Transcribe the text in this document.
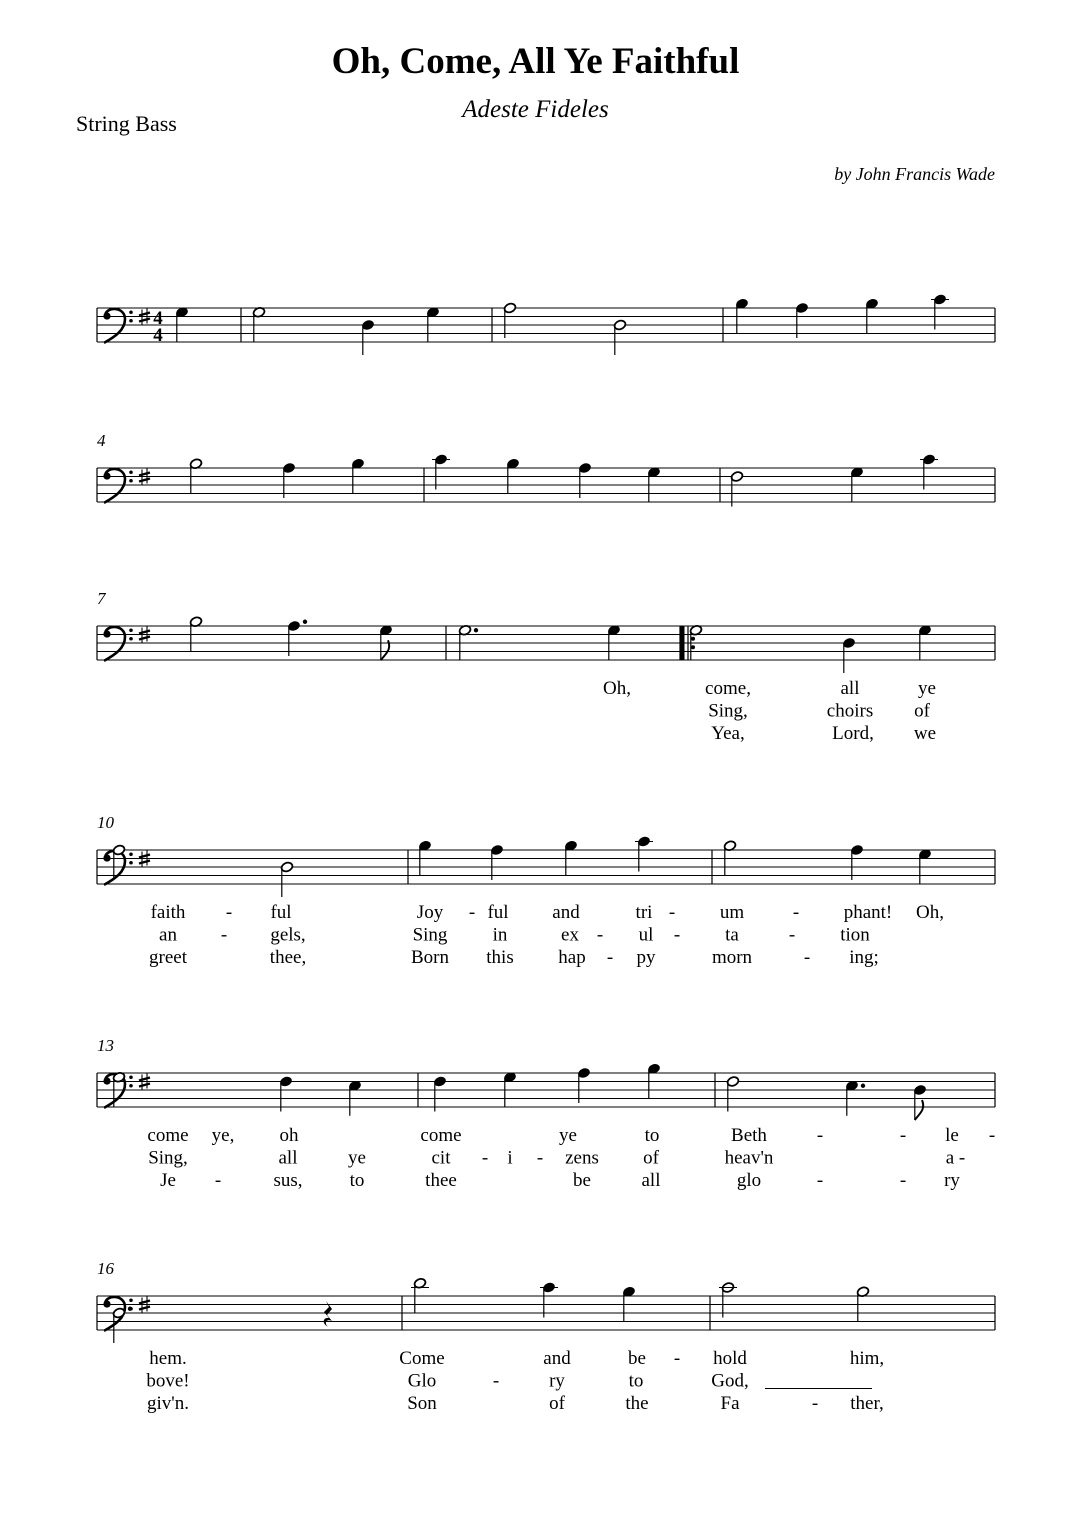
Oh, Come, All Ye Faithful
Adeste Fideles
String Bass
by John Francis Wade
4
4
4
7
Oh,	come,	all	ye
Sing,	choirs of
Yea,	Lord, we
10
faith - ful
an - gels,
greet	thee,
Joy - ful and	tri -
Sing in	ex - ul -
Born this hap - py
um	- phant! Oh,
ta	- tion
morn	- ing;
13
come ye, oh
Sing,	all	ye
Je -	sus, to
come	ye	to
cit - i - zens of
thee	be	all
Beth	-	- le -
heav'n	a -
glo	-	- ry
16
hem.
bove!
giv'n.
Come	and	be -
Glo	-	ry	to
Son	of	the
hold	him,
God,
Fa	- ther,
